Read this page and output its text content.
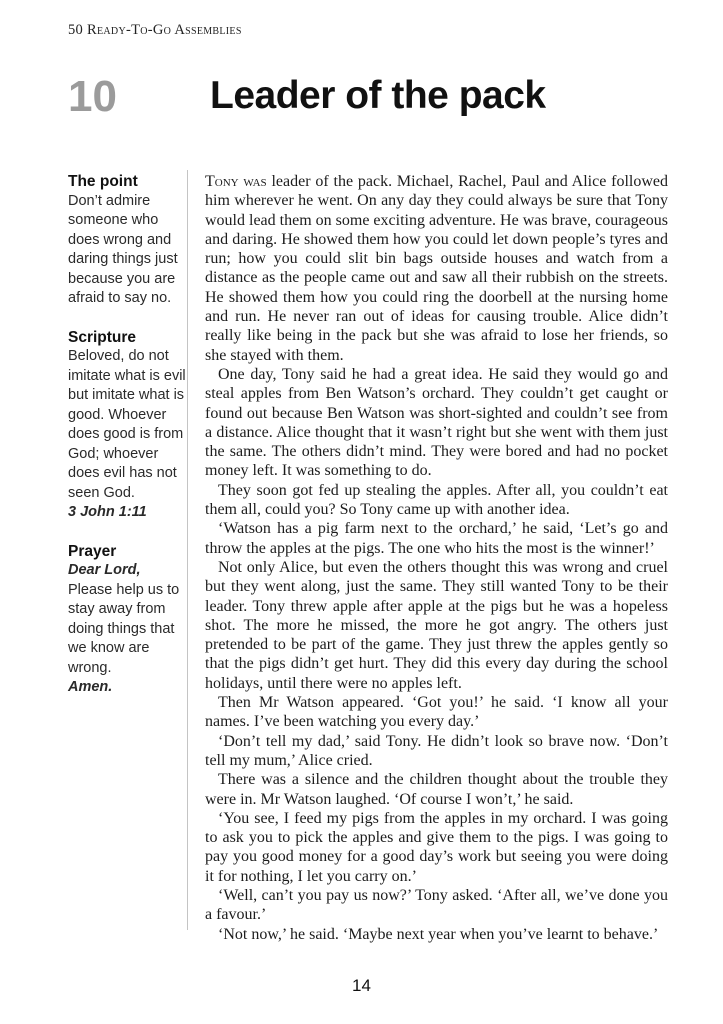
50 Ready-To-Go Assemblies
10 Leader of the pack
The point
Don’t admire someone who does wrong and daring things just because you are afraid to say no.
Scripture
Beloved, do not imitate what is evil but imitate what is good. Whoever does good is from God; whoever does evil has not seen God.
3 John 1:11
Prayer
Dear Lord,
Please help us to stay away from doing things that we know are wrong.
Amen.

Tony was leader of the pack. Michael, Rachel, Paul and Alice followed him wherever he went. On any day they could always be sure that Tony would lead them on some exciting adventure. He was brave, courageous and daring. He showed them how you could let down people’s tyres and run; how you could slit bin bags outside houses and watch from a distance as the people came out and saw all their rubbish on the streets. He showed them how you could ring the doorbell at the nursing home and run. He never ran out of ideas for causing trouble. Alice didn’t really like being in the pack but she was afraid to lose her friends, so she stayed with them.

One day, Tony said he had a great idea. He said they would go and steal apples from Ben Watson’s orchard. They couldn’t get caught or found out because Ben Watson was short-sighted and couldn’t see from a distance. Alice thought that it wasn’t right but she went with them just the same. The others didn’t mind. They were bored and had no pocket money left. It was something to do.

They soon got fed up stealing the apples. After all, you couldn’t eat them all, could you? So Tony came up with another idea.

‘Watson has a pig farm next to the orchard,’ he said, ‘Let’s go and throw the apples at the pigs. The one who hits the most is the winner!’

Not only Alice, but even the others thought this was wrong and cruel but they went along, just the same. They still wanted Tony to be their leader. Tony threw apple after apple at the pigs but he was a hopeless shot. The more he missed, the more he got angry. The others just pretended to be part of the game. They just threw the apples gently so that the pigs didn’t get hurt. They did this every day during the school holidays, until there were no apples left.

Then Mr Watson appeared. ‘Got you!’ he said. ‘I know all your names. I’ve been watching you every day.’

‘Don’t tell my dad,’ said Tony. He didn’t look so brave now. ‘Don’t tell my mum,’ Alice cried.

There was a silence and the children thought about the trouble they were in. Mr Watson laughed. ‘Of course I won’t,’ he said.

‘You see, I feed my pigs from the apples in my orchard. I was going to ask you to pick the apples and give them to the pigs. I was going to pay you good money for a good day’s work but seeing you were doing it for nothing, I let you carry on.’

‘Well, can’t you pay us now?’ Tony asked. ‘After all, we’ve done you a favour.’

‘Not now,’ he said. ‘Maybe next year when you’ve learnt to behave.’

14
